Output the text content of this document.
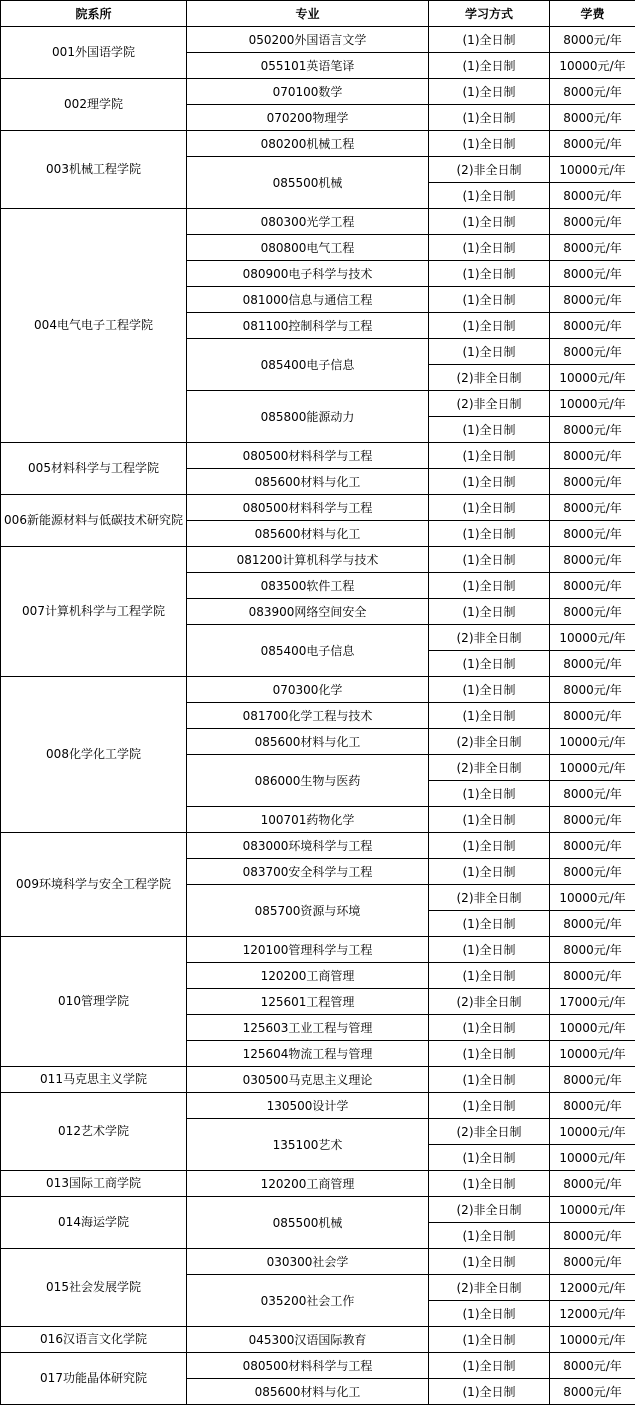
院系所	专业	学习方式	学费
001外国语学院	050200外国语言文学	(1)全日制	8000元/年
	055101英语笔译	(1)全日制	10000元/年
002理学院	070100数学	(1)全日制	8000元/年
	070200物理学	(1)全日制	8000元/年
003机械工程学院	080200机械工程	(1)全日制	8000元/年
	085500机械	(2)非全日制	10000元/年
		(1)全日制	8000元/年
004电气电子工程学院	080300光学工程	(1)全日制	8000元/年
	080800电气工程	(1)全日制	8000元/年
	080900电子科学与技术	(1)全日制	8000元/年
	081000信息与通信工程	(1)全日制	8000元/年
	081100控制科学与工程	(1)全日制	8000元/年
	085400电子信息	(1)全日制	8000元/年
		(2)非全日制	10000元/年
	085800能源动力	(2)非全日制	10000元/年
		(1)全日制	8000元/年
005材料科学与工程学院	080500材料科学与工程	(1)全日制	8000元/年
	085600材料与化工	(1)全日制	8000元/年
006新能源材料与低碳技术研究院	080500材料科学与工程	(1)全日制	8000元/年
	085600材料与化工	(1)全日制	8000元/年
007计算机科学与工程学院	081200计算机科学与技术	(1)全日制	8000元/年
	083500软件工程	(1)全日制	8000元/年
	083900网络空间安全	(1)全日制	8000元/年
	085400电子信息	(2)非全日制	10000元/年
		(1)全日制	8000元/年
008化学化工学院	070300化学	(1)全日制	8000元/年
	081700化学工程与技术	(1)全日制	8000元/年
	085600材料与化工	(2)非全日制	10000元/年
	086000生物与医药	(2)非全日制	10000元/年
		(1)全日制	8000元/年
	100701药物化学	(1)全日制	8000元/年
009环境科学与安全工程学院	083000环境科学与工程	(1)全日制	8000元/年
	083700安全科学与工程	(1)全日制	8000元/年
	085700资源与环境	(2)非全日制	10000元/年
		(1)全日制	8000元/年
010管理学院	120100管理科学与工程	(1)全日制	8000元/年
	120200工商管理	(1)全日制	8000元/年
	125601工程管理	(2)非全日制	17000元/年
	125603工业工程与管理	(1)全日制	10000元/年
	125604物流工程与管理	(1)全日制	10000元/年
011马克思主义学院	030500马克思主义理论	(1)全日制	8000元/年
012艺术学院	130500设计学	(1)全日制	8000元/年
	135100艺术	(2)非全日制	10000元/年
		(1)全日制	10000元/年
013国际工商学院	120200工商管理	(1)全日制	8000元/年
014海运学院	085500机械	(2)非全日制	10000元/年
		(1)全日制	8000元/年
015社会发展学院	030300社会学	(1)全日制	8000元/年
	035200社会工作	(2)非全日制	12000元/年
		(1)全日制	12000元/年
016汉语言文化学院	045300汉语国际教育	(1)全日制	10000元/年
017功能晶体研究院	080500材料科学与工程	(1)全日制	8000元/年
	085600材料与化工	(1)全日制	8000元/年
